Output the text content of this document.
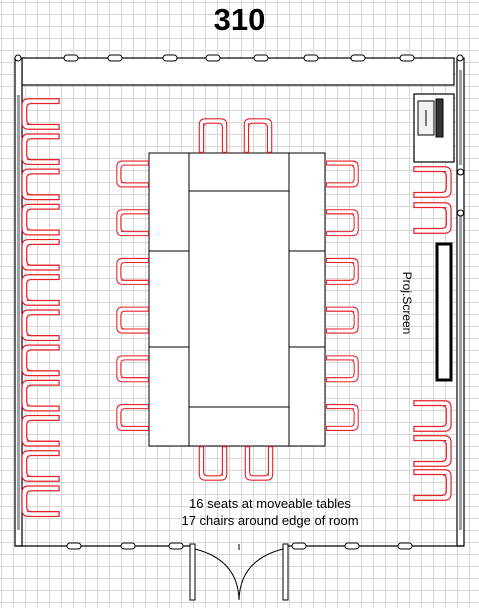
310
16 seats at moveable tables
17 chairs around edge of room
Proj.Screen
